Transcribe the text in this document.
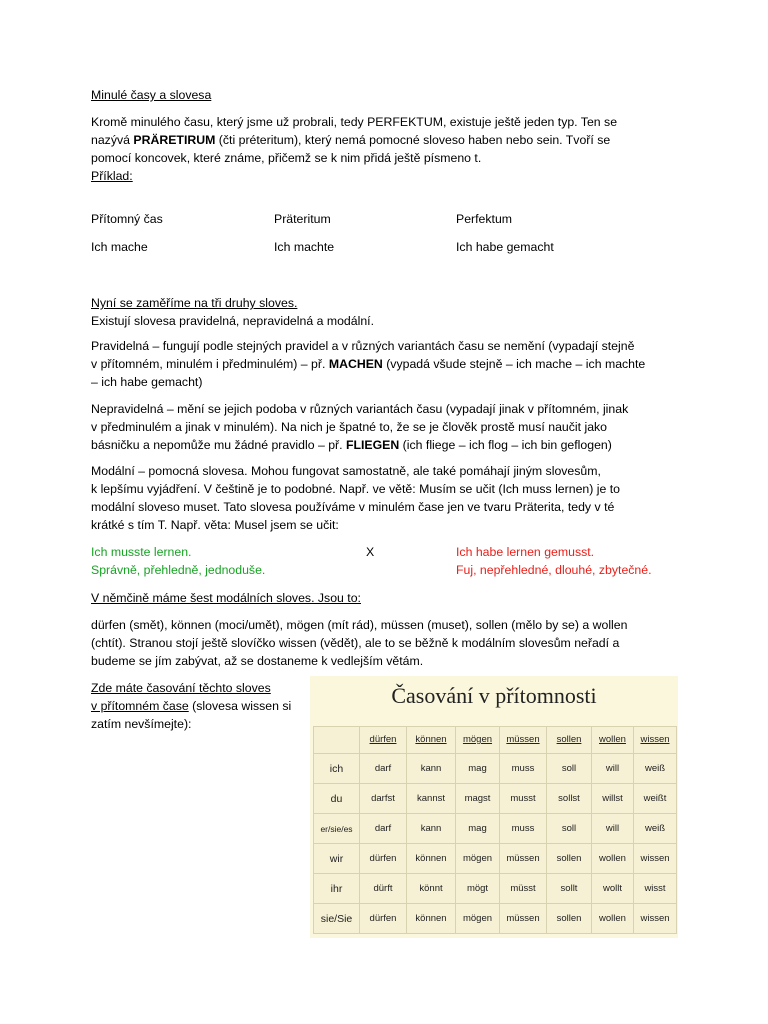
Minulé časy a slovesa
Kromě minulého času, který jsme už probrali, tedy PERFEKTUM, existuje ještě jeden typ. Ten se
nazývá PRÄRETIRUM (čti préteritum), který nemá pomocné sloveso haben nebo sein. Tvoří se
pomocí koncovek, které známe, přičemž se k nim přidá ještě písmeno t.
Příklad:
Přítomný čas	Präteritum	Perfektum
Ich mache	Ich machte	Ich habe gemacht
Nyní se zaměříme na tři druhy sloves.
Existují slovesa pravidelná, nepravidelná a modální.
Pravidelná – fungují podle stejných pravidel a v různých variantách času se nemění (vypadají stejně
v přítomném, minulém i předminulém) – př. MACHEN (vypadá všude stejně – ich mache – ich machte
– ich habe gemacht)
Nepravidelná – mění se jejich podoba v různých variantách času (vypadají jinak v přítomném, jinak
v předminulém a jinak v minulém). Na nich je špatné to, že se je člověk prostě musí naučit jako
básničku a nepomůže mu žádné pravidlo – př. FLIEGEN (ich fliege – ich flog – ich bin geflogen)
Modální – pomocná slovesa. Mohou fungovat samostatně, ale také pomáhají jiným slovesům,
k lepšímu vyjádření. V češtině je to podobné. Např. ve větě: Musím se učit (Ich muss lernen) je to
modální sloveso muset. Tato slovesa používáme v minulém čase jen ve tvaru Präterita, tedy v té
krátké s tím T. Např. věta: Musel jsem se učit:
Ich musste lernen.
Správně, přehledně, jednoduše.
X	Ich habe lernen gemusst.
Fuj, nepřehledné, dlouhé, zbytečné.
V němčině máme šest modálních sloves. Jsou to:
dürfen (smět), können (moci/umět), mögen (mít rád), müssen (muset), sollen (mělo by se) a wollen
(chtít). Stranou stojí ještě slovíčko wissen (vědět), ale to se běžně k modálním slovesům neřadí a
budeme se jím zabývat, až se dostaneme k vedlejším větám.
Zde máte časování těchto sloves
v přítomném čase (slovesa wissen si
zatím nevšímejte):
Časování v přítomnosti
	dürfen	können	mögen	müssen	sollen	wollen	wissen
ich	darf	kann	mag	muss	soll	will	weiß
du	darfst	kannst	magst	musst	sollst	willst	weißt
er/sie/es	darf	kann	mag	muss	soll	will	weiß
wir	dürfen	können	mögen	müssen	sollen	wollen	wissen
ihr	dürft	könnt	mögt	müsst	sollt	wollt	wisst
sie/Sie	dürfen	können	mögen	müssen	sollen	wollen	wissen
